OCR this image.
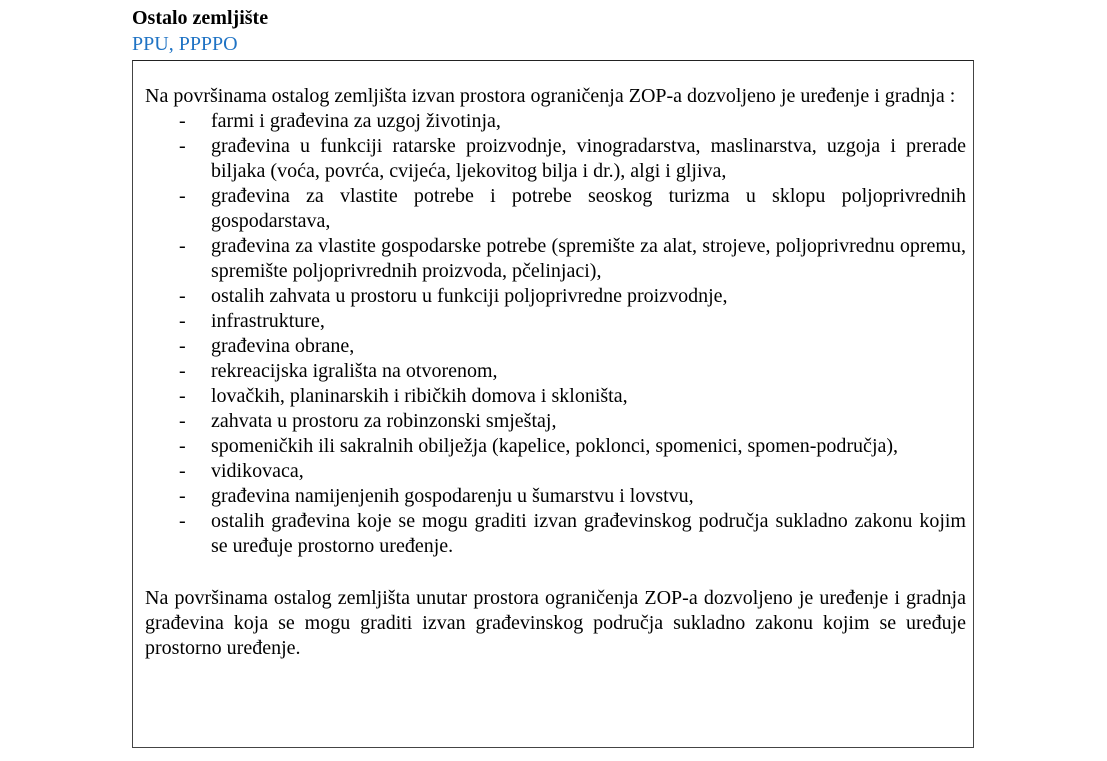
Ostalo zemljište
PPU, PPPPO

Na površinama ostalog zemljišta izvan prostora ograničenja ZOP-a dozvoljeno je uređenje i gradnja :

- farmi i građevina za uzgoj životinja,
- građevina u funkciji ratarske proizvodnje, vinogradarstva, maslinarstva, uzgoja i prerade biljaka (voća, povrća, cvijeća, ljekovitog bilja i dr.), algi i gljiva,
- građevina za vlastite potrebe i potrebe seoskog turizma u sklopu poljoprivrednih gospodarstava,
- građevina za vlastite gospodarske potrebe (spremište za alat, strojeve, poljoprivrednu opremu, spremište poljoprivrednih proizvoda, pčelinjaci),
- ostalih zahvata u prostoru u funkciji poljoprivredne proizvodnje,
- infrastrukture,
- građevina obrane,
- rekreacijska igrališta na otvorenom,
- lovačkih, planinarskih i ribičkih domova i skloništa,
- zahvata u prostoru za robinzonski smještaj,
- spomeničkih ili sakralnih obilježja (kapelice, poklonci, spomenici, spomen-područja),
- vidikovaca,
- građevina namijenjenih gospodarenju u šumarstvu i lovstvu,
- ostalih građevina koje se mogu graditi izvan građevinskog područja sukladno zakonu kojim se uređuje prostorno uređenje.

Na površinama ostalog zemljišta unutar prostora ograničenja ZOP-a dozvoljeno je uređenje i gradnja građevina koja se mogu graditi izvan građevinskog područja sukladno zakonu kojim se uređuje prostorno uređenje.
